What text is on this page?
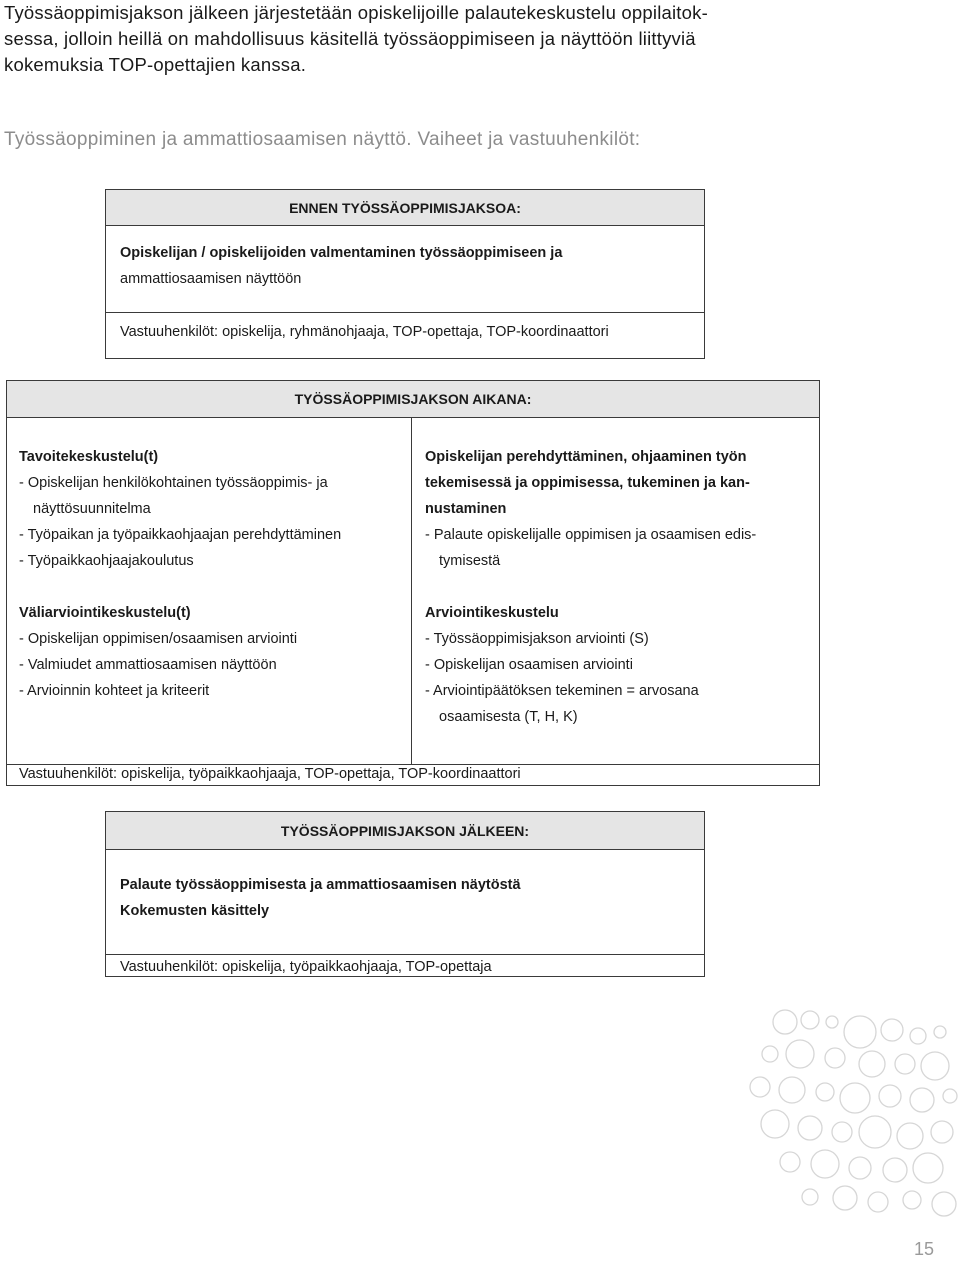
Työssäoppimisjakson jälkeen järjestetään opiskelijoille palautekeskustelu oppilaitok-
sessa, jolloin heillä on mahdollisuus käsitellä työssäoppimiseen ja näyttöön liittyviä
kokemuksia TOP-opettajien kanssa.
Työssäoppiminen ja ammattiosaamisen näyttö. Vaiheet ja vastuuhenkilöt:
ENNEN TYÖSSÄOPPIMISJAKSOA:
Opiskelijan / opiskelijoiden valmentaminen työssäoppimiseen ja
ammattiosaamisen näyttöön
Vastuuhenkilöt: opiskelija, ryhmänohjaaja, TOP-opettaja, TOP-koordinaattori
TYÖSSÄOPPIMISJAKSON AIKANA:
Tavoitekeskustelu(t)
- Opiskelijan henkilökohtainen työssäoppimis- ja
näyttösuunnitelma
- Työpaikan ja työpaikkaohjaajan perehdyttäminen
- Työpaikkaohjaajakoulutus
Väliarviointikeskustelu(t)
- Opiskelijan oppimisen/osaamisen arviointi
- Valmiudet ammattiosaamisen näyttöön
- Arvioinnin kohteet ja kriteerit
Opiskelijan perehdyttäminen, ohjaaminen työn
tekemisessä ja oppimisessa, tukeminen ja kan-
nustaminen
- Palaute opiskelijalle oppimisen ja osaamisen edis-
tymisestä
Arviointikeskustelu
- Työssäoppimisjakson arviointi (S)
- Opiskelijan osaamisen arviointi
- Arviointipäätöksen tekeminen = arvosana
osaamisesta (T, H, K)
Vastuuhenkilöt: opiskelija, työpaikkaohjaaja, TOP-opettaja, TOP-koordinaattori
TYÖSSÄOPPIMISJAKSON JÄLKEEN:
Palaute työssäoppimisesta ja ammattiosaamisen näytöstä
Kokemusten käsittely
Vastuuhenkilöt: opiskelija, työpaikkaohjaaja, TOP-opettaja
15
